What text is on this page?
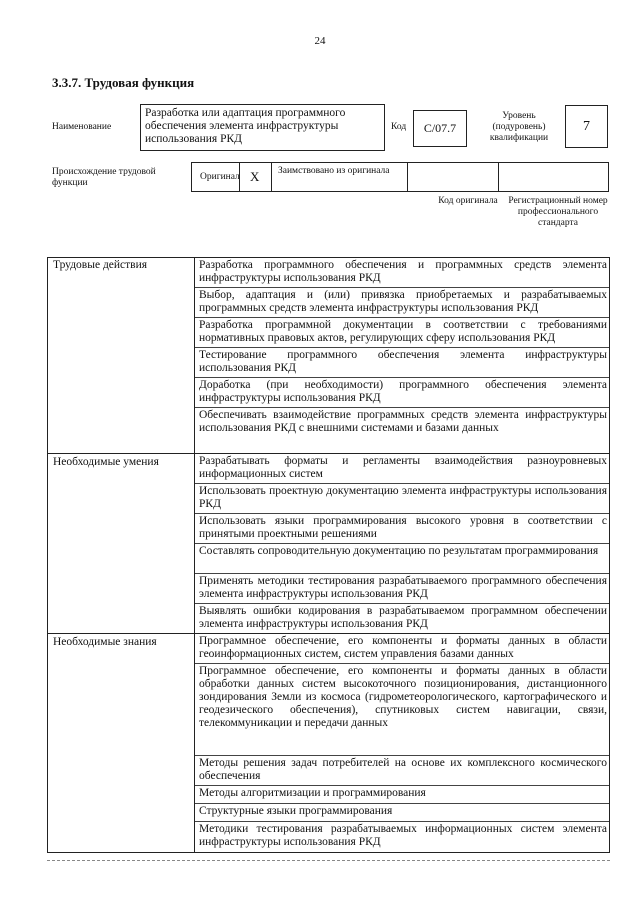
24
3.3.7. Трудовая функция
Наименование
Разработка или адаптация программного обеспечения элемента инфраструктуры использования РКД
Код	С/07.7
Уровень (подуровень) квалификации
7
Происхождение трудовой функции
Оригинал X Заимствовано из оригинала
Код оригинала	Регистрационный номер профессионального стандарта
Трудовые действия	Разработка программного обеспечения и программных средств элемента инфраструктуры использования РКД
Выбор, адаптация и (или) привязка приобретаемых и разрабатываемых программных средств элемента инфраструктуры использования РКД
Разработка программной документации в соответствии с требованиями нормативных правовых актов, регулирующих сферу использования РКД
Тестирование программного обеспечения элемента инфраструктуры использования РКД
Доработка (при необходимости) программного обеспечения элемента инфраструктуры использования РКД
Обеспечивать взаимодействие программных средств элемента инфраструктуры использования РКД с внешними системами и базами данных
Необходимые умения	Разрабатывать форматы и регламенты взаимодействия разноуровневых информационных систем
Использовать проектную документацию элемента инфраструктуры использования РКД
Использовать языки программирования высокого уровня в соответствии с принятыми проектными решениями
Составлять сопроводительную документацию по результатам программирования
Применять методики тестирования разрабатываемого программного обеспечения элемента инфраструктуры использования РКД
Выявлять ошибки кодирования в разрабатываемом программном обеспечении элемента инфраструктуры использования РКД
Необходимые знания	Программное обеспечение, его компоненты и форматы данных в области геоинформационных систем, систем управления базами данных
Программное обеспечение, его компоненты и форматы данных в области обработки данных систем высокоточного позиционирования, дистанционного зондирования Земли из космоса (гидрометеорологического, картографического и геодезического обеспечения), спутниковых систем навигации, связи, телекоммуникации и передачи данных
Методы решения задач потребителей на основе их комплексного космического обеспечения
Методы алгоритмизации и программирования
Структурные языки программирования
Методики тестирования разрабатываемых информационных систем элемента инфраструктуры использования РКД
